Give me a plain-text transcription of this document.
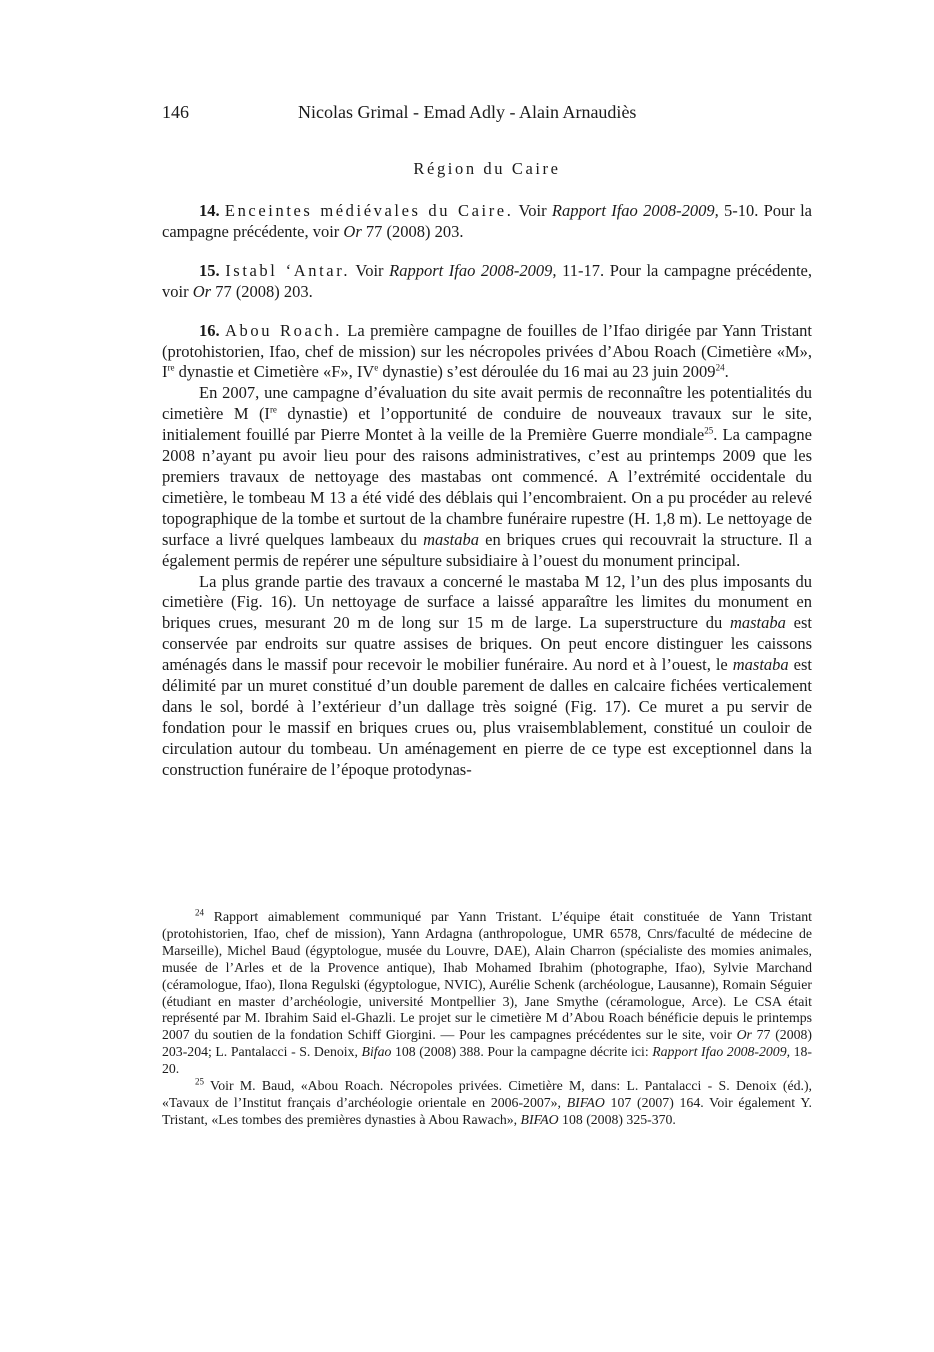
146	Nicolas Grimal - Emad Adly - Alain Arnaudiès
Région du Caire

14. Enceintes médiévales du Caire. Voir Rapport Ifao 2008-2009, 5-10. Pour la campagne précédente, voir Or 77 (2008) 203.

15. Istabl ‘Antar. Voir Rapport Ifao 2008-2009, 11-17. Pour la campagne précédente, voir Or 77 (2008) 203.

16. Abou Roach. La première campagne de fouilles de l’Ifao dirigée par Yann Tristant (protohistorien, Ifao, chef de mission) sur les nécropoles privées d’Abou Roach (Cimetière «M», Ire dynastie et Cimetière «F», IVe dynastie) s’est déroulée du 16 mai au 23 juin 2009$^{24}$.

En 2007, une campagne d’évaluation du site avait permis de reconnaître les potentialités du cimetière M (Ire dynastie) et l’opportunité de conduire de nouveaux travaux sur le site, initialement fouillé par Pierre Montet à la veille de la Première Guerre mondiale$^{25}$. La campagne 2008 n’ayant pu avoir lieu pour des raisons administratives, c’est au printemps 2009 que les premiers travaux de nettoyage des mastabas ont commencé. A l’extrémité occidentale du cimetière, le tombeau M 13 a été vidé des déblais qui l’encombraient. On a pu procéder au relevé topographique de la tombe et surtout de la chambre funéraire rupestre (H. 1,8 m). Le nettoyage de surface a livré quelques lambeaux du mastaba en briques crues qui recouvrait la structure. Il a également permis de repérer une sépulture subsidiaire à l’ouest du monument principal.

La plus grande partie des travaux a concerné le mastaba M 12, l’un des plus imposants du cimetière (Fig. 16). Un nettoyage de surface a laissé apparaître les limites du monument en briques crues, mesurant 20 m de long sur 15 m de large. La superstructure du mastaba est conservée par endroits sur quatre assises de briques. On peut encore distinguer les caissons aménagés dans le massif pour recevoir le mobilier funéraire. Au nord et à l’ouest, le mastaba est délimité par un muret constitué d’un double parement de dalles en calcaire fichées verticalement dans le sol, bordé à l’extérieur d’un dallage très soigné (Fig. 17). Ce muret a pu servir de fondation pour le massif en briques crues ou, plus vraisemblablement, constitué un couloir de circulation autour du tombeau. Un aménagement en pierre de ce type est exceptionnel dans la construction funéraire de l’époque protodynas-

$^{24}$ Rapport aimablement communiqué par Yann Tristant. L’équipe était constituée de Yann Tristant (protohistorien, Ifao, chef de mission), Yann Ardagna (anthropologue, UMR 6578, Cnrs/faculté de médecine de Marseille), Michel Baud (égyptologue, musée du Louvre, DAE), Alain Charron (spécialiste des momies animales, musée de l’Arles et de la Provence antique), Ihab Mohamed Ibrahim (photographe, Ifao), Sylvie Marchand (céramologue, Ifao), Ilona Regulski (égyptologue, NVIC), Aurélie Schenk (archéologue, Lausanne), Romain Séguier (étudiant en master d’archéologie, université Montpellier 3), Jane Smythe (céramologue, Arce). Le CSA était représenté par M. Ibrahim Said el-Ghazli. Le projet sur le cimetière M d’Abou Roach bénéficie depuis le printemps 2007 du soutien de la fondation Schiff Giorgini. — Pour les campagnes précédentes sur le site, voir Or 77 (2008) 203-204; L. Pantalacci - S. Denoix, Bifao 108 (2008) 388. Pour la campagne décrite ici: Rapport Ifao 2008-2009, 18-20.

$^{25}$ Voir M. Baud, «Abou Roach. Nécropoles privées. Cimetière M, dans: L. Pantalacci - S. Denoix (éd.), «Tavaux de l’Institut français d’archéologie orientale en 2006-2007», BIFAO 107 (2007) 164. Voir également Y. Tristant, «Les tombes des premières dynasties à Abou Rawach», BIFAO 108 (2008) 325-370.
